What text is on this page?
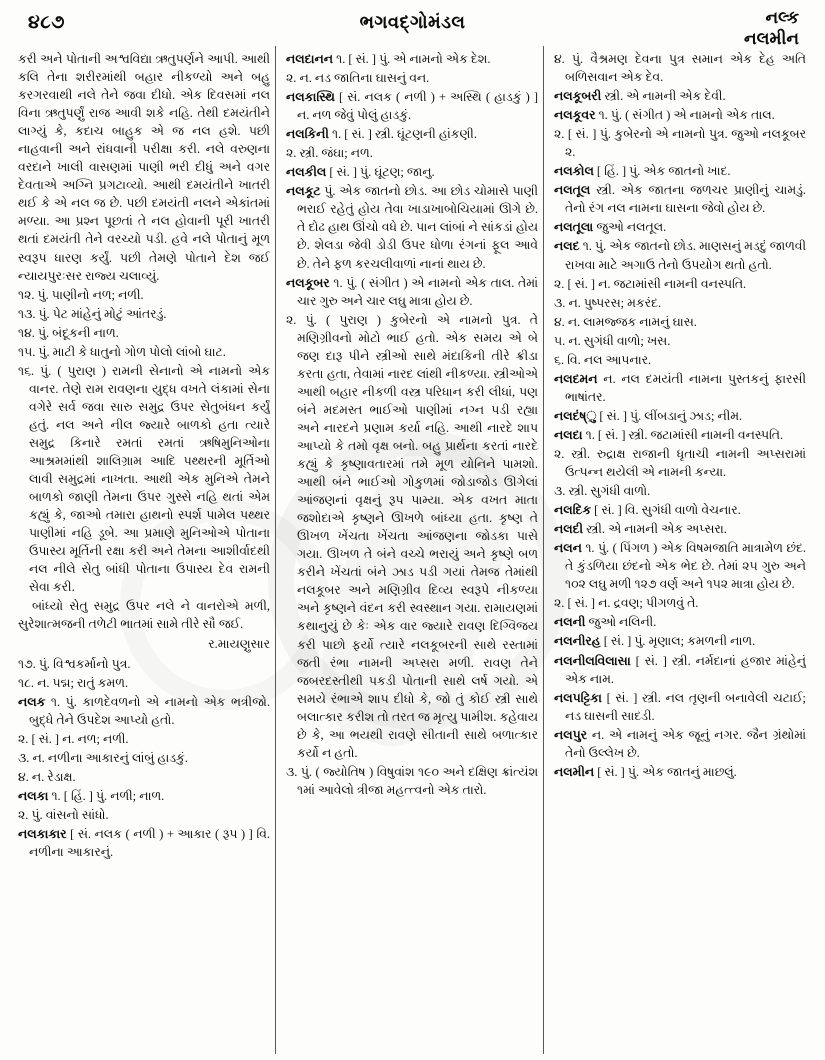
૪૮૭	ભગવદ્ગોમંડલ	નલ્ક
નલમીન
કરી અને પોતાની અશ્વવિદ્યા ઋતુપર્ણને આપી. આથી કલિ તેના શરીરમાંથી બહાર નીકળ્યો અને બહુ કરગરવાથી નલે તેને જવા દીધો. એક દિવસમાં નલ વિના ઋતુપર્ણું રાજ આવી શકે નહિ. તેથી દમયંતીને લાગ્યું કે, કદાચ બાહુક એ જ નલ હશે. પછી નાહવાની અને રાંધવાની પરીક્ષા કરી. નલે વરુણના વરદાને ખાલી વાસણમાં પાણી ભરી દીધું અને વગર દેવતાએ અગ્નિ પ્રગટાવ્યો. આથી દમયંતીને ખાતરી થઈ કે એ નલ જ છે. પછી દમયંતી નલને એકાંતમાં મળ્યા. આ પ્રશ્ન પૂછતાં તે નલ હોવાની પૂરી ખાતરી થતાં દમયંતી તેને વરચ્યો પડી. હવે નલે પોતાનું મૂળ સ્વરૂપ ધારણ કર્યું. પછી તેમણે પોતાને દેશ જઈ ન્યાયપુરઃસર રાજ્ય ચલાવ્યું.
૧૨. પું. પાણીનો નળ; નળી.
૧૩. પું. પેટ માંહેનું મોટું આંતરડું.
૧૪. પું. બંદૂકની નાળ.
૧૫. પું. માટી કે ધાતુનો ગોળ પોલો લાંબો ઘાટ.
૧૬. પું. ( પુરાણ ) રામની સેનાનો એ નામનો એક વાનર. તેણે રામ રાવણના યુદ્ધ વખતે લંકામાં સેના વગેરે સર્વ જવા સારુ સમુદ્ર ઉપર સેતુબંધન કર્યું હતું. નલ અને નીલ જ્યારે બાળકો હતા ત્યારે સમુદ્ર કિનારે રમતાં રમતાં ઋષિમુનિઓના આશ્રમમાંથી શાલિગ્રામ આદિ પથ્થરની મૂર્તિઓ લાવી સમુદ્રમાં નાખતા. આથી એક મુનિએ તેમને બાળકો જાણી તેમના ઉપર ગુસ્સે નહિ થતાં એમ કહ્યું કે, જાઓ તમારા હાથનો સ્પર્શ પામેલ પથ્થર પાણીમાં નહિ ડૂબે. આ પ્રમાણે મુનિઓએ પોતાના ઉપાસ્ય મૂર્તિની રક્ષા કરી અને તેમના આશીર્વાદથી નલ નીલે સેતુ બાંધી પોતાના ઉપાસ્ય દેવ રામની સેવા કરી.
બાંધ્યો સેતુ સમુદ્ર ઉપર નલે ને વાનરોએ મળી, સુરેશાત્મજની તળેટી ભાતમાં સામે તીરે સૌ જઈ.
ર.માયણુસાર
૧૭. પું. વિશ્વકર્માનો પુત્ર.
૧૮. ન. પદ્મ; રાતું કમળ.
નલક ૧. પું. કાળદેવળનો એ નામનો એક ભત્રીજો. બુદ્ધે તેને ઉપદેશ આપ્યો હતો.
૨. [ સં. ] ન. નળ; નળી.
૩. ન. નળીના આકારનું લાંબું હાડકું.
૪. ન. રેડાક્ષ.
નલકા ૧. [ હિં. ] પું. નળી; નાળ.
૨. પું. વાંસનો સાંધો.
નલકાકાર [ સં. નલક ( નળી ) + આકાર ( રૂપ ) ] વિ. નળીના આકારનું.
નલદાનન ૧. [ સં. ] પું. એ નામનો એક દેશ.
૨. ન. નડ જાતિના ઘાસનું વન.
નલકાસ્થિ [ સં. નલક ( નળી ) + અસ્થિ ( હાડકું ) ] ન. નળ જેવું પોલું હાડકું.
નલકિની ૧. [ સં. ] સ્ત્રી. ઘૂંટણની હાંકણી.
૨. સ્ત્રી. જંઘા; નળ.
નલકીલ [ સં. ] પું. ઘૂંટણ; જાનુ.
નલકૂટ પું. એક જાતનો છોડ. આ છોડ ચોમાસે પાણી ભરાઈ રહેતું હોય તેવા ખાડાખાબોચિયામાં ઊગે છે. તે દોઢ હાથ ઊંચો વધે છે. પાન લાંબાં ને સાંકડાં હોય છે. શેલડા જેવી ડોડી ઉપર ધોળા રંગનાં ફૂલ આવે છે. તેને ફળ કરચલીવાળાં નાનાં થાય છે.
નલકૂબર ૧. પું. ( સંગીત ) એ નામનો એક તાલ. તેમાં ચાર ગુરુ અને ચાર લઘુ માત્રા હોય છે.
૨. પું. ( પુરાણ ) કુબેરનો એ નામનો પુત્ર. તે મણિગ્રીવનો મોટો ભાઈ હતો. એક સમય એ બે જણ દારૂ પીને સ્ત્રીઓ સાથે મંદાકિની તીરે ક્રીડા કરતા હતા, તેવામાં નારદ લાંથી નીકળ્યા. સ્ત્રીઓએ આથી બહાર નીકળી વસ્ત્ર પરિધાન કરી લીધાં, પણ બંને મદમસ્ત ભાઈઓ પાણીમાં નગ્ન પડી રહ્યા અને નારદને પ્રણામ કર્યા નહિ. આથી નારદે શાપ આપ્યો કે તમો વૃક્ષ બનો. બહુ પ્રાર્થના કરતાં નારદે કહ્યું કે કૃષ્ણાવતારમાં તમે મૂળ યોનિને પામશો. આથી બંને ભાઈઓ ગોકુળમાં જોડાજોડ ઊગેલાં આંજણનાં વૃક્ષનું રૂપ પામ્યા. એક વખત માતા જશોદાએ કૃષ્ણને ઊખળે બાંધ્યા હતા. કૃષ્ણ તે ઊખળ ખેંચતા ખેંચતા આંજણના જોડકા પાસે ગયા. ઊખળ તે બંને વચ્ચે ભરાયું અને કૃષ્ણે બળ કરીને ખેંચતાં બંને ઝાડ પડી ગયાં તેમજ તેમાંથી નલકૂબર અને મણિગ્રીવ દિવ્ય સ્વરૂપે નીકળ્યા અને કૃષ્ણને વંદન કરી સ્વસ્થાન ગયા. રામાયણમાં કથાનુયું છે કેઃ એક વાર જ્યારે રાવણ દિગ્વિજય કરી પાછો ફર્યો ત્યારે નલકૂબરની સાથે રસ્તામાં જતી રંભા નામની અપ્સરા મળી. રાવણ તેને જબરદસ્તીથી પકડી પોતાની સાથે લર્ષ ગયો. એ સમયે રંભાએ શાપ દીધો કે, જો તું કોઈ સ્ત્રી સાથે બલાત્કાર કરીશ તો તરત જ મૃત્યુ પામીશ. કહેવાય છે કે, આ ભયથી રાવણે સીતાની સાથે બળાત્કાર કર્યો ન હતો.
૩. પું. ( જ્યોતિષ ) વિષુવાંશ ૧૯૦ અને દક્ષિણ ક્રાંત્યંશ ૧માં આવેલો ત્રીજા મહત્ત્વનો એક તારો.
૪. પું. વૈશ્રમણ દેવના પુત્ર સમાન એક દેહ અતિ બળિસવાન એક દેવ.
નલકૂબરી સ્ત્રી. એ નામની એક દેવી.
નલકૂવર ૧. પું. ( સંગીત ) એ નામનો એક તાલ.
૨. [ સં. ] પું. કુબેરનો એ નામનો પુત્ર. જુઓ નલકૂબર ૨.
નલકોલ [ હિં. ] પું. એક જાતનો ખાદ.
નલતૂલ સ્ત્રી. એક જાતના જળચર પ્રાણીનું ચામડું. તેનો રંગ નલ નામના ઘાસના જેવો હોય છે.
નલતૂલા જુઓ નલતૂલ.
નલદ ૧. પું. એક જાતનો છોડ. માણસનું મડદું જાળવી રાખવા માટે અગાઉ તેનો ઉપયોગ થતો હતો.
૨. [ સં. ] ન. જટામાંસી નામની વનસ્પતિ.
૩. ન. પુષ્પરસ; મકરંદ.
૪. ન. લામજ્જક નામનું ઘાસ.
૫. ન. સુગંધી વાળો; ખસ.
૬. વિ. નલ આપનાર.
નલદમન ન. નલ દમયંતી નામના પુસ્તકનું ફારસી ભાષાંતર.
નલદંષ્ુ [ સં. ] પું. લીંબડાનું ઝાડ; નીમ.
નલદા ૧. [ સં. ] સ્ત્રી. જટામાંસી નામની વનસ્પતિ.
૨. સ્ત્રી. રુદ્રાક્ષ રાજાની ધૃતાચી નામની અપ્સરામાં ઉત્પન્ન થયેલી એ નામની કન્યા.
૩. સ્ત્રી. સુગંધી વાળો.
નલદિક [ સં. ] વિ. સુગંધી વાળો વેચનાર.
નલદી સ્ત્રી. એ નામની એક અપ્સરા.
નલન ૧. પું. ( પિંગળ ) એક વિષમજાતિ માત્રામેળ છંદ. તે કુંડળિયા છંદનો એક ભેદ છે. તેમાં ૨૫ ગુરુ અને ૧૦૨ લઘુ મળી ૧૨૭ વર્ણ અને ૧૫૨ માત્રા હોય છે.
૨. [ સં. ] ન. દ્રવણ; પીગળવું તે.
નલની જુઓ નલિની.
નલનીરહ [ સં. ] પું. મૃણાલ; કમળની નાળ.
નલનીલવિલાસા [ સં. ] સ્ત્રી. નર્મદાનાં હજાર માંહેનું એક નામ.
નલપટ્ટિકા [ સં. ] સ્ત્રી. નલ તૃણની બનાવેલી ચટાઈ; નડ ઘાસની સાદડી.
નલપુર ન. એ નામનું એક જૂનું નગર. જૈન ગ્રંથોમાં તેનો ઉલ્લેખ છે.
નલમીન [ સં. ] પું. એક જાતનું માછલું.
